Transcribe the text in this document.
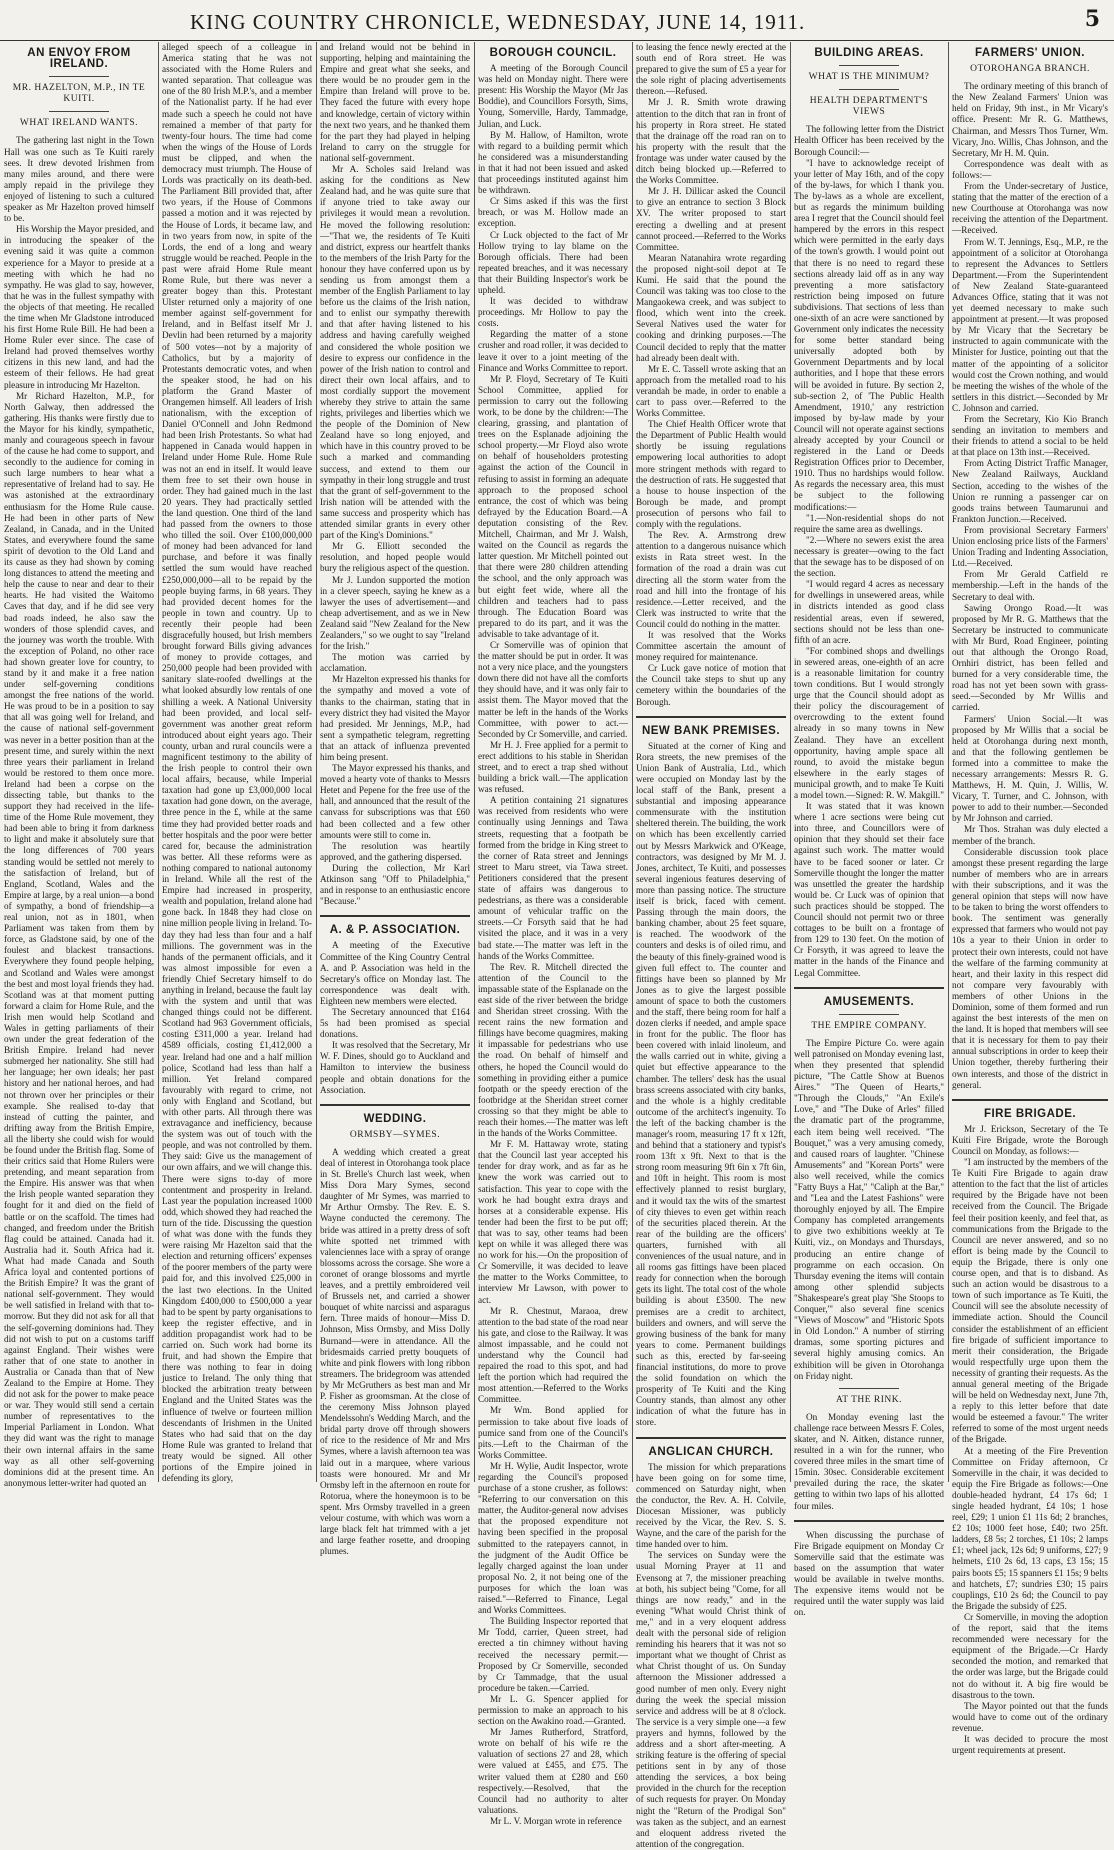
KING COUNTRY CHRONICLE, WEDNESDAY, JUNE 14, 1911.	5
AN ENVOY FROM IRELAND.
MR. HAZELTON, M.P., IN TE KUITI.
WHAT IRELAND WANTS.

The gathering last night in the Town Hall was one such as Te Kuiti rarely sees. It drew devoted Irishmen from many miles around, and there were amply repaid in the privilege they enjoyed of listening to such a cultured speaker as Mr Hazelton proved himself to be.

His Worship the Mayor presided, and in introducing the speaker of the evening said it was quite a common experience for a Mayor to preside at a meeting with which he had no sympathy. He was glad to say, however, that he was in the fullest sympathy with the objects of that meeting. He recalled the time when Mr Gladstone introduced his first Home Rule Bill. He had been a Home Ruler ever since. The case of Ireland had proved themselves worthy citizens in this new land, and had the esteem of their fellows. He had great pleasure in introducing Mr Hazelton.

Mr Richard Hazelton, M.P., for North Galway, then addressed the gathering. His thanks were firstly due to the Mayor for his kindly, sympathetic, manly and courageous speech in favour of the cause he had come to support, and secondly to the audience for coming in such large numbers to hear what a representative of Ireland had to say. He was astonished at the extraordinary enthusiasm for the Home Rule cause. He had been in other parts of New Zealand, in Canada, and in the United States, and everywhere found the same spirit of devotion to the Old Land and its cause as they had shown by coming long distances to attend the meeting and help the cause to near and dear to their hearts. He had visited the Waitomo Caves that day, and if he did see very bad roads indeed, he also saw the wonders of those splendid caves, and the journey was worth the trouble. With the exception of Poland, no other race had shown greater love for country, to stand by it and make it a free nation under self-governing conditions amongst the free nations of the world. He was proud to be in a position to say that all was going well for Ireland, and the cause of national self-government was never in a better position than at the present time, and surely within the next three years their parliament in Ireland would be restored to them once more. Ireland had been a corpse on the dissecting table, but thanks to the support they had received in the life-time of the Home Rule movement, they had been able to bring it from darkness to light and make it absolutely sure that the long differences of 700 years standing would be settled not merely to the satisfaction of Ireland, but of England, Scotland, Wales and the Empire at large, by a real union—a bond of sympathy, a bond of friendship—a real union, not as in 1801, when Parliament was taken from them by force, as Gladstone said, by one of the foulest and blackest transactions. Everywhere they found people helping, and Scotland and Wales were amongst the best and most loyal friends they had. Scotland was at that moment putting forward a claim for Home Rule, and the Irish men would help Scotland and Wales in getting parliaments of their own under the great federation of the British Empire. Ireland had never submerged her nationality. She still had her language; her own ideals; her past history and her national heroes, and had not thrown over her principles or their example. She realised to-day that instead of cutting the painter, and drifting away from the British Empire, all the liberty she could wish for would be found under the British flag. Some of their critics said that Home Rulers were pretending, and meant separation from the Empire. His answer was that when the Irish people wanted separation they fought for it and died on the field of battle or on the scaffold. The times had changed, and freedom under the British flag could be attained. Canada had it. Australia had it. South Africa had it. What had made Canada and South Africa loyal and contented portions of the British Empire? It was the grant of national self-government. They would be well satisfied in Ireland with that to-morrow. But they did not ask for all that the self-governing dominions had. They did not wish to put on a customs tariff against England. Their wishes were rather that of one state to another in Australia or Canada than that of New Zealand to the Empire at Home. They did not ask for the power to make peace or war. They would still send a certain number of representatives to the Imperial Parliament in London. What they did want was the right to manage their own internal affairs in the same way as all other self-governing dominions did at the present time. An anonymous letter-writer had quoted an

alleged speech of a colleague in America stating that he was not associated with the Home Rulers and wanted separation. That colleague was one of the 80 Irish M.P.'s, and a member of the Nationalist party. If he had ever made such a speech he could not have remained a member of that party for twenty-four hours. The time had come when the wings of the House of Lords must be clipped, and when the democracy must triumph. The House of Lords was practically on its death-bed. The Parliament Bill provided that, after two years, if the House of Commons passed a motion and it was rejected by the House of Lords, it became law, and in two years from now, in spite of the Lords, the end of a long and weary struggle would be reached. People in the past were afraid Home Rule meant Rome Rule, but there was never a greater bogey than this. Protestant Ulster returned only a majority of one member against self-government for Ireland, and in Belfast itself Mr J. Devlin had been returned by a majority of 500 votes—not by a majority of Catholics, but by a majority of Protestants democratic votes, and when the speaker stood, he had on his platform the Grand Master of Orangemen himself. All leaders of Irish nationalism, with the exception of Daniel O'Connell and John Redmond had been Irish Protestants. So what had happened in Canada would happen in Ireland under Home Rule. Home Rule was not an end in itself. It would leave them free to set their own house in order. They had gained much in the last 20 years. They had practically settled the land question. One third of the land had passed from the owners to those who tilled the soil. Over £100,000,000 of money had been advanced for land purchase, and before it was finally settled the sum would have reached £250,000,000—all to be repaid by the people buying farms, in 68 years. They had provided decent homes for the people in town and country. Up to recently their people had been disgracefully housed, but Irish members brought forward Bills giving advances of money to provide cottages, and 250,000 people had been provided with sanitary slate-roofed dwellings at the what looked absurdly low rentals of one shilling a week. A National University had been provided, and local self-government was another great reform introduced about eight years ago. Their county, urban and rural councils were a magnificent testimony to the ability of the Irish people to control their own local affairs, because, while Imperial taxation had gone up £3,000,000 local taxation had gone down, on the average, three pence in the £, while at the same time they had provided better roads and better hospitals and the poor were better cared for, because the administration was better. All these reforms were as nothing compared to national autonomy in Ireland. While all the rest of the Empire had increased in prosperity, wealth and population, Ireland alone had gone back. In 1848 they had close on nine million people living in Ireland. To-day they had less than four and a half millions. The government was in the hands of the permanent officials, and it was almost impossible for even a friendly Chief Secretary himself to do anything in Ireland, because the fault lay with the system and until that was changed things could not be different. Scotland had 963 Government officials, costing £311,000 a year. Ireland had 4589 officials, costing £1,412,000 a year. Ireland had one and a half million police, Scotland had less than half a million. Yet Ireland compared favourably with regard to crime, not only with England and Scotland, but with other parts. All through there was extravagance and inefficiency, because the system was out of touch with the people, and was not controlled by them. They said: Give us the management of our own affairs, and we will change this. There were signs to-day of more contentment and prosperity in Ireland. Last year the population increased 1000 odd, which showed they had reached the turn of the tide. Discussing the question of what was done with the funds they were raising Mr Hazelton said that the election and returning officers' expenses of the poorer members of the party were paid for, and this involved £25,000 in the last two elections. In the United Kingdom £400,000 to £500,000 a year had to be spent by party organisations to keep the register effective, and in addition propagandist work had to be carried on. Such work had borne its fruit, and had shown the Empire that there was nothing to fear in doing justice to Ireland. The only thing that blocked the arbitration treaty between England and the United States was the influence of twelve or fourteen million descendants of Irishmen in the United States who had said that on the day Home Rule was granted to Ireland that treaty would be signed. All other portions of the Empire joined in defending its glory,

and Ireland would not be behind in supporting, helping and maintaining the Empire and great what she seeks, and there would be no prouder gem in the Empire than Ireland will prove to be. They faced the future with every hope and knowledge, certain of victory within the next two years, and he thanked them for the part they had played in helping Ireland to carry on the struggle for national self-government.

Mr A. Scholes said Ireland was asking for the conditions as New Zealand had, and he was quite sure that if anyone tried to take away our privileges it would mean a revolution. He moved the following resolution:—"That we, the residents of Te Kuiti and district, express our heartfelt thanks to the members of the Irish Party for the honour they have conferred upon us by sending us from amongst them a member of the English Parliament to lay before us the claims of the Irish nation, and to enlist our sympathy therewith and that after having listened to his address and having carefully weighed and considered the whole position we desire to express our confidence in the power of the Irish nation to control and direct their own local affairs, and to most cordially support the movement whereby they strive to attain the same rights, privileges and liberties which we the people of the Dominion of New Zealand have so long enjoyed, and which have in this country proved to be such a marked and commanding success, and extend to them our sympathy in their long struggle and trust that the grant of self-government to the Irish nation will be attended with the same success and prosperity which has attended similar grants in every other part of the King's Dominions."

Mr G. Elliott seconded the resolution, and hoped people would bury the religious aspect of the question.

Mr J. Lundon supported the motion in a clever speech, saying he knew as a lawyer the uses of advertisement—and cheap advertisement, and as we in New Zealand said "New Zealand for the New Zealanders," so we ought to say "Ireland for the Irish."

The motion was carried by acclamation.

Mr Hazelton expressed his thanks for the sympathy and moved a vote of thanks to the chairman, stating that in every district they had visited the Mayor had presided. Mr Jennings, M.P., had sent a sympathetic telegram, regretting that an attack of influenza prevented him being present.

The Mayor expressed his thanks, and moved a hearty vote of thanks to Messrs Hetet and Pepene for the free use of the hall, and announced that the result of the canvass for subscriptions was that £60 had been collected and a few other amounts were still to come in.

The resolution was heartily approved, and the gathering dispersed.

During the collection, Mr Karl Atkinson sang "Off to Philadelphia," and in response to an enthusiastic encore "Because."

A. & P. ASSOCIATION.

A meeting of the Executive Committee of the King Country Central A. and P. Association was held in the Secretary's office on Monday last. The correspondence was dealt with. Eighteen new members were elected.

The Secretary announced that £164 5s had been promised as special donations.

It was resolved that the Secretary, Mr W. F. Dines, should go to Auckland and Hamilton to interview the business people and obtain donations for the Association.

WEDDING.
ORMSBY—SYMES.

A wedding which created a great deal of interest in Otorohanga took place in St. Brelle's Church last week, when Miss Dora Mary Symes, second daughter of Mr Symes, was married to Mr Arthur Ormsby. The Rev. E. S. Wayne conducted the ceremony. The bride was attired in a pretty dress of soft white spotted net trimmed with valenciennes lace with a spray of orange blossoms across the corsage. She wore a coronet of orange blossoms and myrtle leaves, and a prettily embroidered veil of Brussels net, and carried a shower bouquet of white narcissi and asparagus fern. Three maids of honour—Miss D. Johnson, Miss Ormsby, and Miss Dolly Burnand—were in attendance. All the bridesmaids carried pretty bouquets of white and pink flowers with long ribbon streamers. The bridegroom was attended by Mr McGruthers as best man and Mr P. Fisher as groomsman. At the close of the ceremony Miss Johnson played Mendelssohn's Wedding March, and the bridal party drove off through showers of rice to the residence of Mr and Mrs Symes, where a lavish afternoon tea was laid out in a marquee, where various toasts were honoured. Mr and Mr Ormsby left in the afternoon en route for Rotorua, where the honeymoon is to be spent. Mrs Ormsby travelled in a green velour costume, with which was worn a large black felt hat trimmed with a jet and large feather rosette, and drooping plumes.

BOROUGH COUNCIL.

A meeting of the Borough Council was held on Monday night. There were present: His Worship the Mayor (Mr Jas Boddie), and Councillors Forsyth, Sims, Young, Somerville, Hardy, Tammadge, Julian, and Luck.

By M. Hallow, of Hamilton, wrote with regard to a building permit which he considered was a misunderstanding in that it had not been issued and asked that proceedings instituted against him be withdrawn.

Cr Sims asked if this was the first breach, or was M. Hollow made an exception.

Cr Luck objected to the fact of Mr Hollow trying to lay blame on the Borough officials. There had been repeated breaches, and it was necessary that their Building Inspector's work be upheld.

It was decided to withdraw proceedings. Mr Hollow to pay the costs.

Regarding the matter of a stone crusher and road roller, it was decided to leave it over to a joint meeting of the Finance and Works Committee to report.

Mr P. Floyd, Secretary of Te Kuiti School Committee, applied for permission to carry out the following work, to be done by the children:—The clearing, grassing, and plantation of trees on the Esplanade adjoining the school property.—Mr Floyd also wrote on behalf of householders protesting against the action of the Council in refusing to assist in forming an adequate approach to the proposed school entrance, the cost of which was being defrayed by the Education Board.—A deputation consisting of the Rev. Mitchell, Chairman, and Mr J. Walsh, waited on the Council as regards the latter question. Mr Mitchell pointed out that there were 280 children attending the school, and the only approach was but eight feet wide, where all the children and teachers had to pass through. The Education Board was prepared to do its part, and it was the advisable to take advantage of it.

Cr Somerville was of opinion that the matter should be put in order. It was not a very nice place, and the youngsters down there did not have all the comforts they should have, and it was only fair to assist them. The Mayor moved that the matter be left in the hands of the Works Committee, with power to act.—Seconded by Cr Somerville, and carried.

Mr H. J. Free applied for a permit to erect additions to his stable in Sheridan street, and to erect a trap shed without building a brick wall.—The application was refused.

A petition containing 21 signatures was received from residents who were continually using Jennings and Tawa streets, requesting that a footpath be formed from the bridge in King street to the corner of Rata street and Jennings street to Maru street, via Tawa street. Petitioners considered that the present state of affairs was dangerous to pedestrians, as there was a considerable amount of vehicular traffic on the streets.—Cr Forsyth said that he had visited the place, and it was in a very bad state.—The matter was left in the hands of the Works Committee.

The Rev. R. Mitchell directed the attention of the Council to the impassable state of the Esplanade on the east side of the river between the bridge and Sheridan street crossing. With the recent rains the new formation and fillings have become quagmires, making it impassable for pedestrians who use the road. On behalf of himself and others, he hoped the Council would do something in providing either a pumice footpath or the speedy erection of the footbridge at the Sheridan street corner crossing so that they might be able to reach their homes.—The matter was left in the hands of the Works Committee.

Mr F. M. Hattaway wrote, stating that the Council last year accepted his tender for dray work, and as far as he knew the work was carried out to satisfaction. This year to cope with the work he had bought extra drays and horses at a considerable expense. His tender had been the first to be put off; that was to say, other teams had been kept on while it was alleged there was no work for his.—On the proposition of Cr Somerville, it was decided to leave the matter to the Works Committee, to interview Mr Lawson, with power to act.

Mr R. Chestnut, Maraoa, drew attention to the bad state of the road near his gate, and close to the Railway. It was almost impassable, and he could not understand why the Council had repaired the road to this spot, and had left the portion which had required the most attention.—Referred to the Works Committee.

Mr Wm. Bond applied for permission to take about five loads of pumice sand from one of the Council's pits.—Left to the Chairman of the Works Committee.

Mr H. Wylie, Audit Inspector, wrote regarding the Council's proposed purchase of a stone crusher, as follows: "Referring to our conversation on this matter, the Auditor-general now advises that the proposed expenditure not having been specified in the proposal submitted to the ratepayers cannot, in the judgment of the Audit Office be legally charged against the loan under proposal No. 2, it not being one of the purposes for which the loan was raised."—Referred to Finance, Legal and Works Committees.

The Building Inspector reported that Mr Todd, carrier, Queen street, had erected a tin chimney without having received the necessary permit.—Proposed by Cr Somerville, seconded by Cr Tammadge, that the usual procedure be taken.—Carried.

Mr L. G. Spencer applied for permission to make an approach to his section on the Awakino road.—Granted.

Mr James Rutherford, Stratford, wrote on behalf of his wife re the valuation of sections 27 and 28, which were valued at £455, and £75. The writer valued them at £280 and £60 respectively.—Resolved, that the Council had no authority to alter valuations.

Mr L. V. Morgan wrote in reference

to leasing the fence newly erected at the south end of Rora street. He was prepared to give the sum of £5 a year for the sole right of placing advertisements thereon.—Refused.

Mr J. R. Smith wrote drawing attention to the ditch that ran in front of his property in Rora street. He stated that the drainage off the road ran on to his property with the result that the frontage was under water caused by the ditch being blocked up.—Referred to the Works Committee.

Mr J. H. Dillicar asked the Council to give an entrance to section 3 Block XV. The writer proposed to start erecting a dwelling and at present cannot proceed.—Referred to the Works Committee.

Mearan Natanahira wrote regarding the proposed night-soil depot at Te Kumi. He said that the pound the Council was taking was too close to the Mangaokewa creek, and was subject to flood, which went into the creek. Several Natives used the water for cooking and drinking purposes.—The Council decided to reply that the matter had already been dealt with.

Mr E. C. Tassell wrote asking that an approach from the metalled road to his verandah be made, in order to enable a cart to pass over.—Referred to the Works Committee.

The Chief Health Officer wrote that the Department of Public Health would shortly be issuing regulations empowering local authorities to adopt more stringent methods with regard to the destruction of rats. He suggested that a house to house inspection of the Borough be made, and prompt prosecution of persons who fail to comply with the regulations.

The Rev. A. Armstrong drew attention to a dangerous nuisance which exists in Rata street west. In the formation of the road a drain was cut directing all the storm water from the road and hill into the frontage of his residence.—Letter received, and the Clerk was instructed to write that the Council could do nothing in the matter.

It was resolved that the Works Committee ascertain the amount of money required for maintenance.

Cr Luck gave notice of motion that the Council take steps to shut up any cemetery within the boundaries of the Borough.

NEW BANK PREMISES.

Situated at the corner of King and Rora streets, the new premises of the Union Bank of Australia, Ltd., which were occupied on Monday last by the local staff of the Bank, present a substantial and imposing appearance commensurate with the institution sheltered therein. The building, the work on which has been excellently carried out by Messrs Markwick and O'Keage, contractors, was designed by Mr M. J. Jones, architect, Te Kuiti, and possesses several ingenious features deserving of more than passing notice. The structure itself is brick, faced with cement. Passing through the main doors, the banking chamber, about 25 feet square, is reached. The woodwork of the counters and desks is of oiled rimu, and the beauty of this finely-grained wood is given full effect to. The counter and fittings have been so planned by Mr Jones as to give the largest possible amount of space to both the customers and the staff, there being room for half a dozen clerks if needed, and ample space in front for the public. The floor has been covered with inlaid linoleum, and the walls carried out in white, giving a quiet but effective appearance to the chamber. The tellers' desk has the usual brass screens associated with city banks, and the whole is a highly creditable outcome of the architect's ingenuity. To the left of the backing chamber is the manager's room, measuring 17 ft x 12ft, and behind that a stationery and typist's room 13ft x 9ft. Next to that is the strong room measuring 9ft 6in x 7ft 6in, and 10ft in height. This room is most effectively planned to resist burglary, and it would tax the wits of the smartest of city thieves to even get within reach of the securities placed therein. At the rear of the building are the officers' quarters, furnished with all conveniences of the usual nature, and in all rooms gas fittings have been placed ready for connection when the borough gets its light. The total cost of the whole building is about £3500. The new premises are a credit to architect, builders and owners, and will serve the growing business of the bank for many years to come. Permanent buildings such as this, erected by far-seeing financial institutions, do more to prove the solid foundation on which the prosperity of Te Kuiti and the King Country stands, than almost any other indication of what the future has in store.

ANGLICAN CHURCH.

The mission for which preparations have been going on for some time, commenced on Saturday night, when the conductor, the Rev. A. H. Colvile, Diocesan Missioner, was publicly received by the Vicar, the Rev. S. S. Wayne, and the care of the parish for the time handed over to him.

The services on Sunday were the usual Morning Prayer at 11 and Evensong at 7, the missioner preaching at both, his subject being "Come, for all things are now ready," and in the evening "What would Christ think of me," and in a very eloquent address dealt with the personal side of religion reminding his hearers that it was not so important what we thought of Christ as what Christ thought of us. On Sunday afternoon the Missioner addressed a good number of men only. Every night during the week the special mission service and address will be at 8 o'clock. The service is a very simple one—a few prayers and hymns, followed by the address and a short after-meeting. A striking feature is the offering of special petitions sent in by any of those attending the services, a box being provided in the church for the reception of such requests for prayer. On Monday night the "Return of the Prodigal Son" was taken as the subject, and an earnest and eloquent address riveted the attention of the congregation.

BUILDING AREAS.
WHAT IS THE MINIMUM?
HEALTH DEPARTMENT'S VIEWS

The following letter from the District Health Officer has been received by the Borough Council:—

"I have to acknowledge receipt of your letter of May 16th, and of the copy of the by-laws, for which I thank you. The by-laws as a whole are excellent, but as regards the minimum building area I regret that the Council should feel hampered by the errors in this respect which were permitted in the early days of the town's growth. I would point out that there is no need to regard these sections already laid off as in any way preventing a more satisfactory restriction being imposed on future subdivisions. That sections of less than one-sixth of an acre were sanctioned by Government only indicates the necessity for some better standard being universally adopted both by Government Departments and by local authorities, and I hope that these errors will be avoided in future. By section 2, sub-section 2, of 'The Public Health Amendment, 1910,' any restriction imposed by by-law made by your Council will not operate against sections already accepted by your Council or registered in the Land or Deeds Registration Offices prior to December, 1910. Thus no hardships would follow. As regards the necessary area, this must be subject to the following modifications:—

"1.—Non-residential shops do not require the same area as dwellings.

"2.—Where no sewers exist the area necessary is greater—owing to the fact that the sewage has to be disposed of on the section.

"I would regard 4 acres as necessary for dwellings in unsewered areas, while in districts intended as good class residential areas, even if sewered, sections should not be less than one-fifth of an acre.

"For combined shops and dwellings in sewered areas, one-eighth of an acre is a reasonable limitation for country town conditions. But I would strongly urge that the Council should adopt as their policy the discouragement of overcrowding to the extent found already in so many towns in New Zealand. They have an excellent opportunity, having ample space all round, to avoid the mistake begun elsewhere in the early stages of municipal growth, and to make Te Kuiti a model town.—Signed: R. W. Makgill."

It was stated that it was known where 1 acre sections were being cut into three, and Councillors were of opinion that they should set their face against such work. The matter would have to be faced sooner or later. Cr Somerville thought the longer the matter was unsettled the greater the hardship would be. Cr Luck was of opinion that such practices should be stopped. The Council should not permit two or three cottages to be built on a frontage of from 129 to 130 feet. On the motion of Cr Forsyth, it was agreed to leave the matter in the hands of the Finance and Legal Committee.

AMUSEMENTS.
THE EMPIRE COMPANY.

The Empire Picture Co. were again well patronised on Monday evening last, when they presented that splendid picture, "The Cattle Show at Buenos Aires." "The Queen of Hearts," "Through the Clouds," "An Exile's Love," and "The Duke of Arles" filled the dramatic part of the programme, each item being well received. "The Bouquet," was a very amusing comedy, and caused roars of laughter. "Chinese Amusements" and "Korean Ports" were also well received, while the comics "Fatty Buys a Hat," "Caliph at the Bar," and "Lea and the Latest Fashions" were thoroughly enjoyed by all. The Empire Company has completed arrangements to give two exhibitions weekly at Te Kuiti, viz., on Mondays and Thursdays, producing an entire change of programme on each occasion. On Thursday evening the items will contain among other splendid subjects "Shakespeare's great play 'She Stoops to Conquer,'" also several fine scenics "Views of Moscow" and "Historic Spots in Old London." A number of stirring dramas, some sporting pictures and several highly amusing comics. An exhibition will be given in Otorohanga on Friday night.

AT THE RINK.

On Monday evening last the challenge race between Messrs F. Coles, skater, and N. Aitken, distance runner, resulted in a win for the runner, who covered three miles in the smart time of 15min. 30sec. Considerable excitement prevailed during the race, the skater getting to within two laps of his allotted four miles.

When discussing the purchase of Fire Brigade equipment on Monday Cr Somerville said that the estimate was based on the assumption that water would be available in twelve months. The expensive items would not be required until the water supply was laid on.

FARMERS' UNION.
OTOROHANGA BRANCH.

The ordinary meeting of this branch of the New Zealand Farmers' Union was held on Friday, 9th inst., in Mr Vicary's office. Present: Mr R. G. Matthews, Chairman, and Messrs Thos Turner, Wm. Vicary, Jno. Willis, Chas Johnson, and the Secretary, Mr H. M. Quin.

Correspondence was dealt with as follows:—

From the Under-secretary of Justice, stating that the matter of the erection of a new Courthouse at Otorohanga was now receiving the attention of the Department.—Received.

From W. T. Jennings, Esq., M.P., re the appointment of a solicitor at Otorohanga to represent the Advances to Settlers Department.—From the Superintendent of New Zealand State-guaranteed Advances Office, stating that it was not yet deemed necessary to make such appointment at present.—It was proposed by Mr Vicary that the Secretary be instructed to again communicate with the Minister for Justice, pointing out that the matter of the appointing of a solicitor would cost the Crown nothing, and would be meeting the wishes of the whole of the settlers in this district.—Seconded by Mr C. Johnson and carried.

From the Secretary, Kio Kio Branch sending an invitation to members and their friends to attend a social to be held at that place on 13th inst.—Received.

From Acting District Traffic Manager, New Zealand Railways, Auckland Section, acceding to the wishes of the Union re running a passenger car on goods trains between Taumarunui and Frankton Junction.—Received.

From provisional Secretary Farmers' Union enclosing price lists of the Farmers' Union Trading and Indenting Association, Ltd.—Received.

From Mr Gerald Catfield re membership.—Left in the hands of the Secretary to deal with.

Sawing Orongo Road.—It was proposed by Mr R. G. Matthews that the Secretary be instructed to communicate with Mr Burd, Road Engineer, pointing out that although the Orongo Road, Ornhiri district, has been felled and burned for a very considerable time, the road has not yet been sown with grass-seed.—Seconded by Mr Willis and carried.

Farmers' Union Social.—It was proposed by Mr Willis that a social be held at Otorohanga during next month, and that the following gentlemen be formed into a committee to make the necessary arrangements: Messrs R. G. Matthews, H. M. Quin, J. Willis, W. Vicary, T. Turner, and C. Johnson, with power to add to their number.—Seconded by Mr Johnson and carried.

Mr Thos. Strahan was duly elected a member of the branch.

Considerable discussion took place amongst these present regarding the large number of members who are in arrears with their subscriptions, and it was the general opinion that steps will now have to be taken to bring the worst offenders to book. The sentiment was generally expressed that farmers who would not pay 10s a year to their Union in order to protect their own interests, could not have the welfare of the farming community at heart, and their laxity in this respect did not compare very favourably with members of other Unions in the Dominion, some of them formed and run against the best interests of the men on the land. It is hoped that members will see that it is necessary for them to pay their annual subscriptions in order to keep their Union together, thereby furthering their own interests, and those of the district in general.

FIRE BRIGADE.

Mr J. Erickson, Secretary of the Te Kuiti Fire Brigade, wrote the Borough Council on Monday, as follows:—

"I am instructed by the members of the Te Kuiti Fire Brigade to again draw attention to the fact that the list of articles required by the Brigade have not been received from the Council. The Brigade feel their position keenly, and feel that, as communications from the Brigade to the Council are never answered, and so no effort is being made by the Council to equip the Brigade, there is only one course open, and that is to disband. As such an action would be disastrous to a town of such importance as Te Kuiti, the Council will see the absolute necessity of immediate action. Should the Council consider the establishment of an efficient fire brigade of sufficient importance to merit their consideration, the Brigade would respectfully urge upon them the necessity of granting their requests. As the annual general meeting of the Brigade will be held on Wednesday next, June 7th, a reply to this letter before that date would be esteemed a favour." The writer referred to some of the most urgent needs of the Brigade.

At a meeting of the Fire Prevention Committee on Friday afternoon, Cr Somerville in the chair, it was decided to equip the Fire Brigade as follows:—One double-headed hydrant, £4 17s 6d; 1 single headed hydrant, £4 10s; 1 hose reel, £29; 1 union £1 11s 6d; 2 branches, £2 10s; 1000 feet hose, £40; two 25ft. ladders, £8 5s; 2 torches, £1 10s; 2 lamps £1; wheel jack, 12s 6d; 9 uniforms, £27; 9 helmets, £10 2s 6d, 13 caps, £3 15s; 15 pairs boots £5; 15 spanners £1 15s; 9 belts and hatchets, £7; sundries £30; 15 pairs couplings, £10 2s 6d; the Council to pay the Brigade the subsidy of £25.

Cr Somerville, in moving the adoption of the report, said that the items recommended were necessary for the equipment of the Brigade.—Cr Hardy seconded the motion, and remarked that the order was large, but the Brigade could not do without it. A big fire would be disastrous to the town.

The Mayor pointed out that the funds would have to come out of the ordinary revenue.

It was decided to procure the most urgent requirements at present.
